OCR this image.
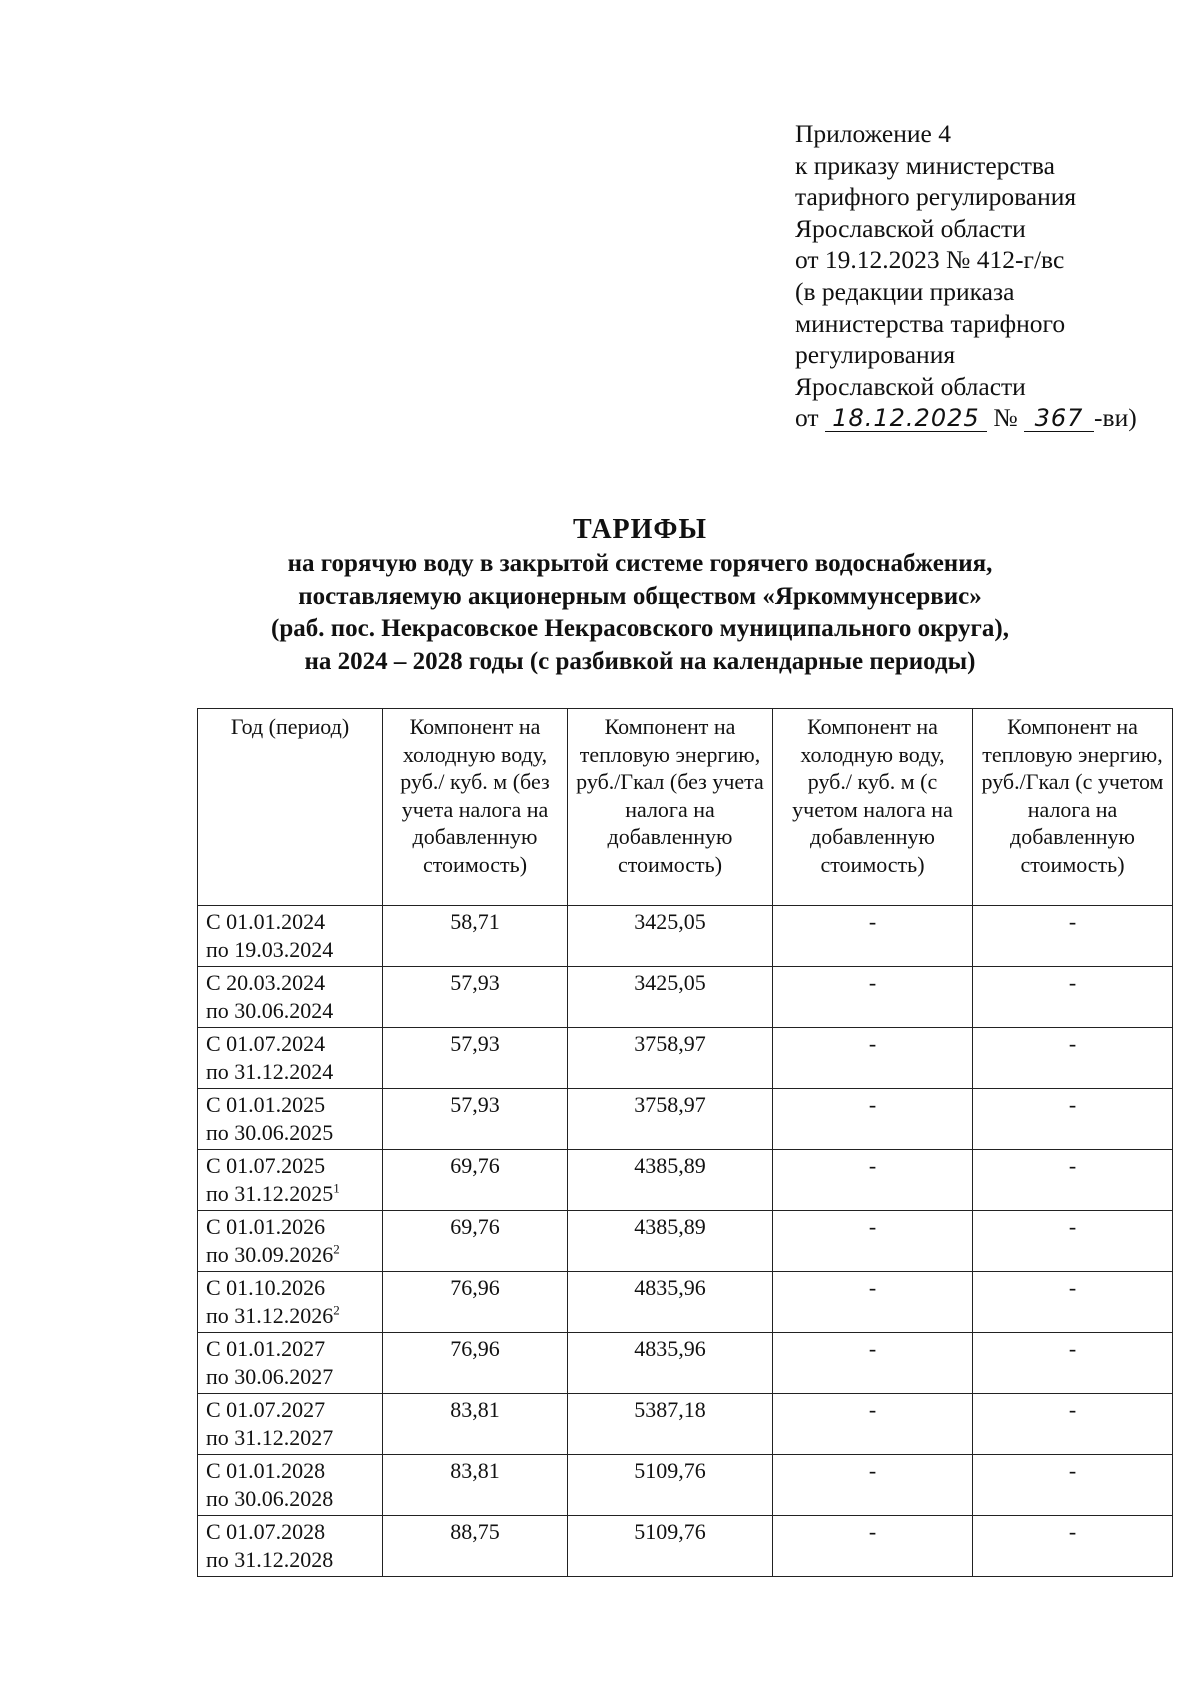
Приложение 4
к приказу министерства
тарифного регулирования
Ярославской области
от 19.12.2023 № 412-г/вс
(в редакции приказа
министерства тарифного
регулирования
Ярославской области
от 18.12.2025 № 367 -ви)
ТАРИФЫ
на горячую воду в закрытой системе горячего водоснабжения,
поставляемую акционерным обществом «Яркоммунсервис»
(раб. пос. Некрасовское Некрасовского муниципального округа),
на 2024 – 2028 годы (с разбивкой на календарные периоды)
Год (период)	Компонент на холодную воду, руб./ куб. м (без учета налога на добавленную стоимость)	Компонент на тепловую энергию, руб./Гкал (без учета налога на добавленную стоимость)	Компонент на холодную воду, руб./ куб. м (с учетом налога на добавленную стоимость)	Компонент на тепловую энергию, руб./Гкал (с учетом налога на добавленную стоимость)
С 01.01.2024
по 19.03.2024	58,71	3425,05	-	-
С 20.03.2024
по 30.06.2024	57,93	3425,05	-	-
С 01.07.2024
по 31.12.2024	57,93	3758,97	-	-
С 01.01.2025
по 30.06.2025	57,93	3758,97	-	-
С 01.07.2025
по 31.12.2025$^1$	69,76	4385,89	-	-
С 01.01.2026
по 30.09.2026$^2$	69,76	4385,89	-	-
С 01.10.2026
по 31.12.2026$^2$	76,96	4835,96	-	-
С 01.01.2027
по 30.06.2027	76,96	4835,96	-	-
С 01.07.2027
по 31.12.2027	83,81	5387,18	-	-
С 01.01.2028
по 30.06.2028	83,81	5109,76	-	-
С 01.07.2028
по 31.12.2028	88,75	5109,76	-	-
